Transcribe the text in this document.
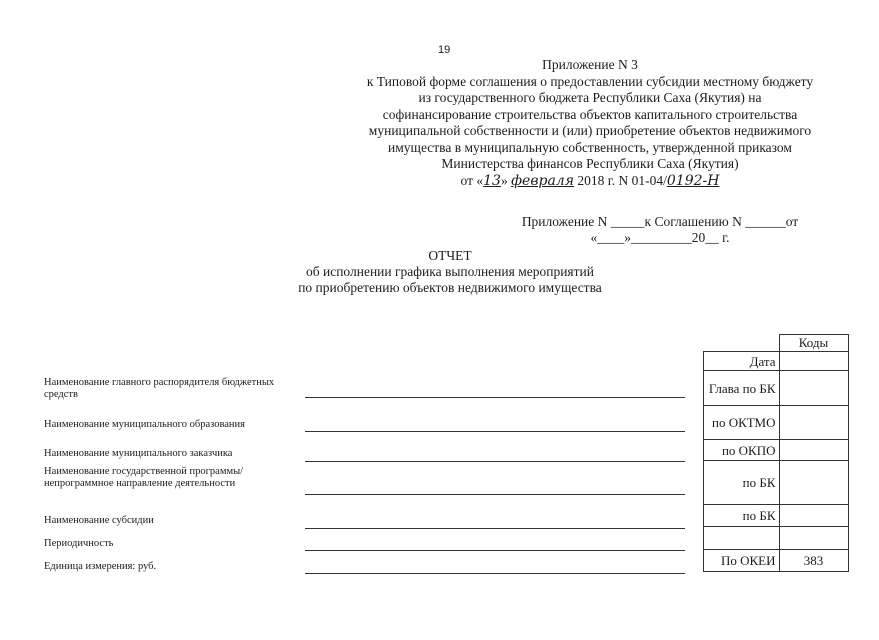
19
Приложение N 3
к Типовой форме соглашения о предоставлении субсидии местному бюджету
из государственного бюджета Республики Саха (Якутия) на
софинансирование строительства объектов капитального строительства
муниципальной собственности и (или) приобретение объектов недвижимого
имущества в муниципальную собственность, утвержденной приказом
Министерства финансов Республики Саха (Якутия)
от «13» февраля 2018 г. N 01-04/0192-Н
Приложение N _____к Соглашению N ______от
«____»_________20__ г.
ОТЧЕТ
об исполнении графика выполнения мероприятий
по приобретению объектов недвижимого имущества
Наименование главного распорядителя бюджетных средств
Наименование муниципального образования
Наименование муниципального заказчика
Наименование государственной программы/непрограммное направление деятельности
Наименование субсидии
Периодичность
Единица измерения: руб.
	Коды
Дата	
Глава по БК	
по ОКТМО	
по ОКПО	
по БК	
по БК	

По ОКЕИ	383
